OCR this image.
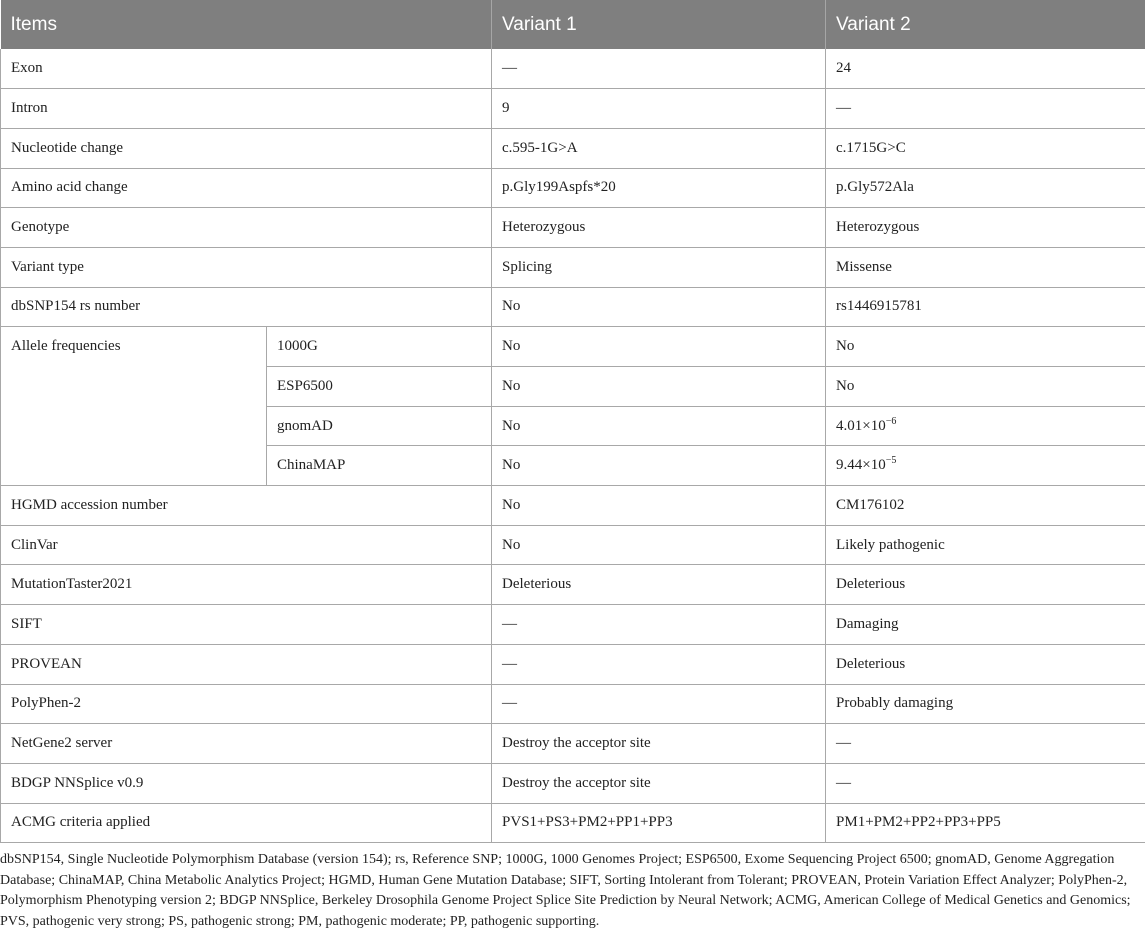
Items		Variant 1	Variant 2
Exon		—	24
Intron		9	—
Nucleotide change		c.595-1G>A	c.1715G>C
Amino acid change		p.Gly199Aspfs*20	p.Gly572Ala
Genotype		Heterozygous	Heterozygous
Variant type		Splicing	Missense
dbSNP154 rs number		No	rs1446915781
Allele frequencies	1000G	No	No
	ESP6500	No	No
	gnomAD	No	$4.01\times 10^{-6}$
	ChinaMAP	No	$9.44\times 10^{-5}$
HGMD accession number		No	CM176102
ClinVar		No	Likely pathogenic
MutationTaster2021		Deleterious	Deleterious
SIFT		—	Damaging
PROVEAN		—	Deleterious
PolyPhen-2		—	Probably damaging
NetGene2 server		Destroy the acceptor site	—
BDGP NNSplice v0.9		Destroy the acceptor site	—
ACMG criteria applied		PVS1+PS3+PM2+PP1+PP3	PM1+PM2+PP2+PP3+PP5

dbSNP154, Single Nucleotide Polymorphism Database (version 154); rs, Reference SNP; 1000G, 1000 Genomes Project; ESP6500, Exome Sequencing Project 6500; gnomAD, Genome Aggregation Database; ChinaMAP, China Metabolic Analytics Project; HGMD, Human Gene Mutation Database; SIFT, Sorting Intolerant from Tolerant; PROVEAN, Protein Variation Effect Analyzer; PolyPhen-2, Polymorphism Phenotyping version 2; BDGP NNSplice, Berkeley Drosophila Genome Project Splice Site Prediction by Neural Network; ACMG, American College of Medical Genetics and Genomics; PVS, pathogenic very strong; PS, pathogenic strong; PM, pathogenic moderate; PP, pathogenic supporting.
